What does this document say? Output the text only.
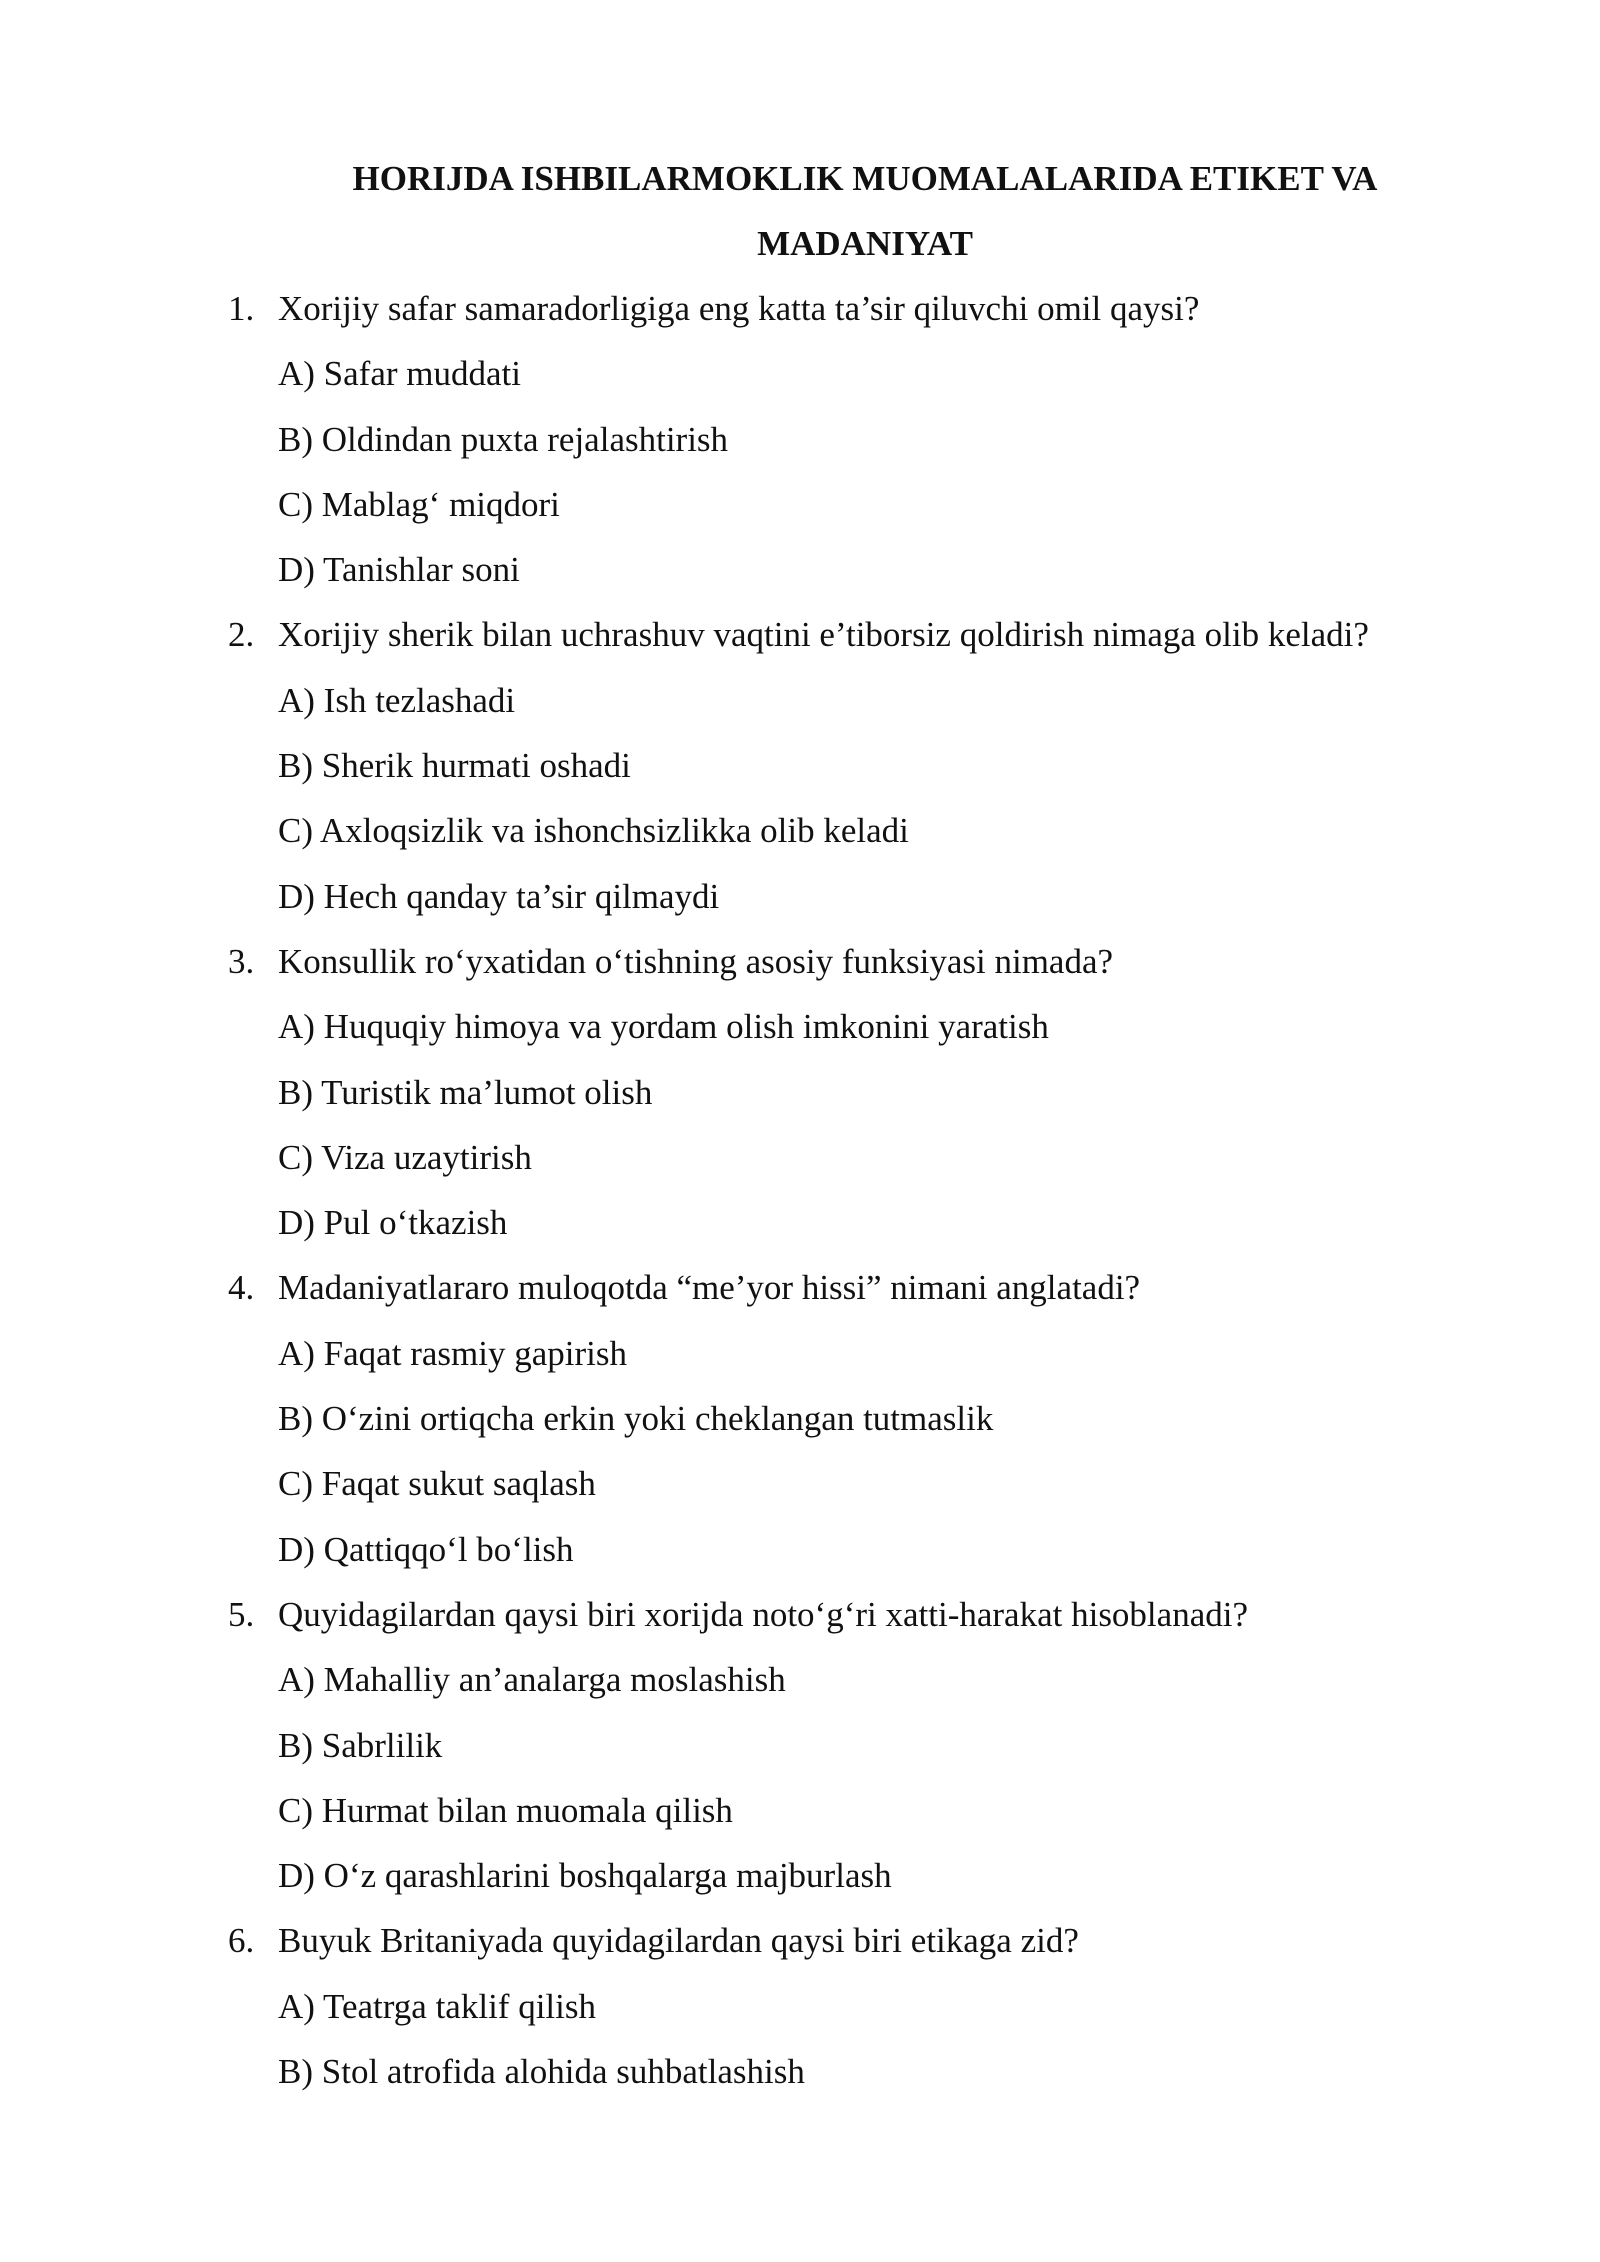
HORIJDA ISHBILARMOKLIK MUOMALALARIDA ETIKET VA
MADANIYAT
1. Xorijiy safar samaradorligiga eng katta ta’sir qiluvchi omil qaysi?
A) Safar muddati
B) Oldindan puxta rejalashtirish
C) Mablag‘ miqdori
D) Tanishlar soni
2. Xorijiy sherik bilan uchrashuv vaqtini e’tiborsiz qoldirish nimaga olib keladi?
A) Ish tezlashadi
B) Sherik hurmati oshadi
C) Axloqsizlik va ishonchsizlikka olib keladi
D) Hech qanday ta’sir qilmaydi
3. Konsullik ro‘yxatidan o‘tishning asosiy funksiyasi nimada?
A) Huquqiy himoya va yordam olish imkonini yaratish
B) Turistik ma’lumot olish
C) Viza uzaytirish
D) Pul o‘tkazish
4. Madaniyatlararo muloqotda “me’yor hissi” nimani anglatadi?
A) Faqat rasmiy gapirish
B) O‘zini ortiqcha erkin yoki cheklangan tutmaslik
C) Faqat sukut saqlash
D) Qattiqqo‘l bo‘lish
5. Quyidagilardan qaysi biri xorijda noto‘g‘ri xatti-harakat hisoblanadi?
A) Mahalliy an’analarga moslashish
B) Sabrlilik
C) Hurmat bilan muomala qilish
D) O‘z qarashlarini boshqalarga majburlash
6. Buyuk Britaniyada quyidagilardan qaysi biri etikaga zid?
A) Teatrga taklif qilish
B) Stol atrofida alohida suhbatlashish
